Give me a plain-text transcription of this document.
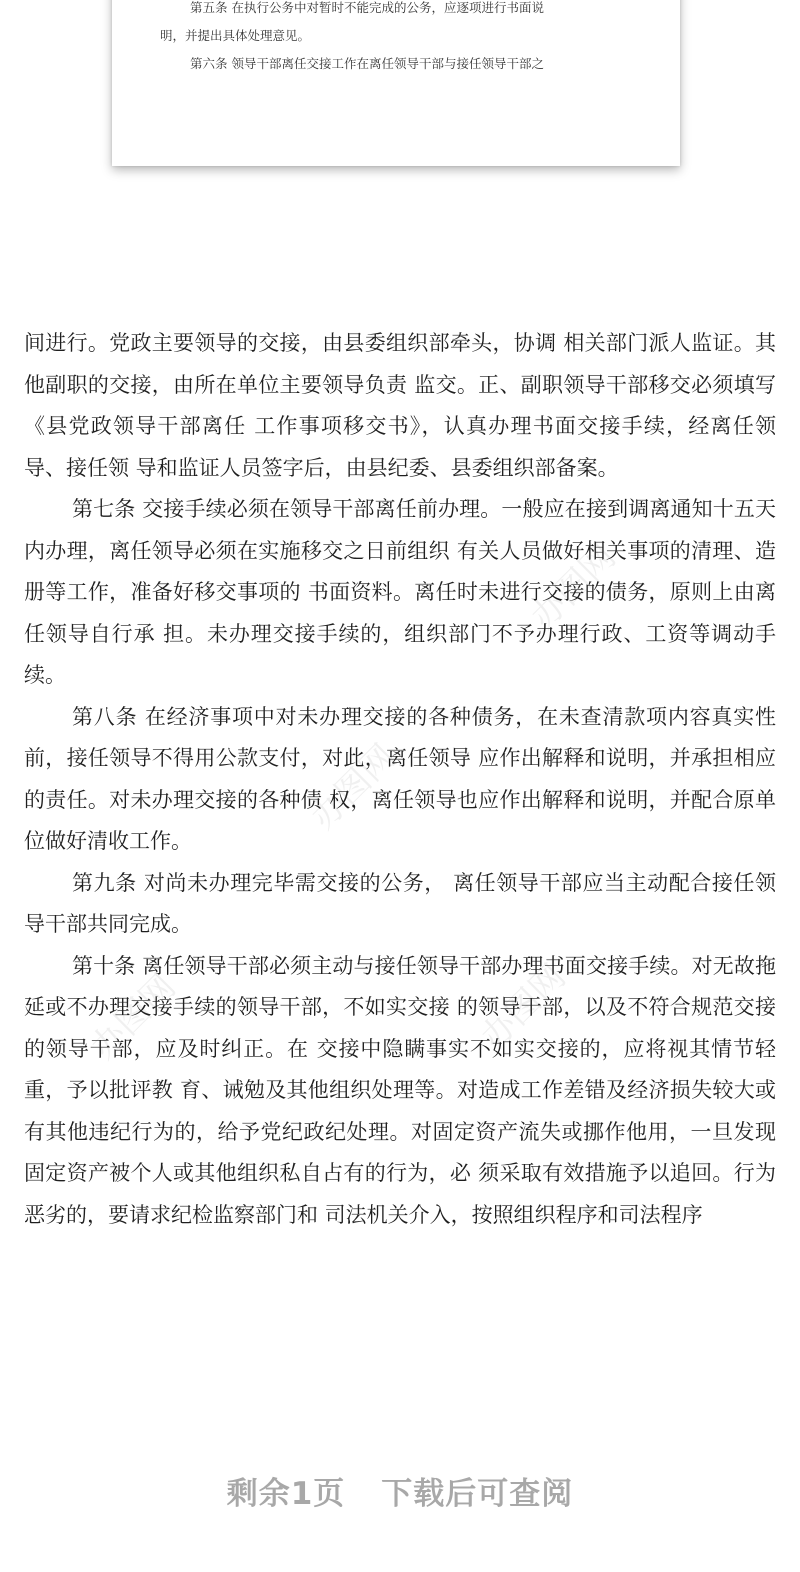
第五条 在执行公务中对暂时不能完成的公务，应逐项进行书面说

明，并提出具体处理意见。

第六条 领导干部离任交接工作在离任领导干部与接任领导干部之

办图网
办图网
办图网	办图网

间进行。党政主要领导的交接，由县委组织部牵头，协调 相关部门派人监证。其他副职的交接，由所在单位主要领导负责 监交。正、副职领导干部移交必须填写《县党政领导干部离任 工作事项移交书》，认真办理书面交接手续，经离任领导、接任领 导和监证人员签字后，由县纪委、县委组织部备案。

第七条 交接手续必须在领导干部离任前办理。一般应在接到调离通知十五天内办理，离任领导必须在实施移交之日前组织 有关人员做好相关事项的清理、造册等工作，准备好移交事项的 书面资料。离任时未进行交接的债务，原则上由离任领导自行承 担。未办理交接手续的，组织部门不予办理行政、工资等调动手 续。

第八条 在经济事项中对未办理交接的各种债务，在未查清款项内容真实性前，接任领导不得用公款支付，对此，离任领导 应作出解释和说明，并承担相应的责任。对未办理交接的各种债 权，离任领导也应作出解释和说明，并配合原单位做好清收工作。

第九条 对尚未办理完毕需交接的公务， 离任领导干部应当主动配合接任领导干部共同完成。

第十条 离任领导干部必须主动与接任领导干部办理书面交接手续。对无故拖延或不办理交接手续的领导干部，不如实交接 的领导干部，以及不符合规范交接的领导干部，应及时纠正。在 交接中隐瞒事实不如实交接的，应将视其情节轻重，予以批评教 育、诫勉及其他组织处理等。对造成工作差错及经济损失较大或 有其他违纪行为的，给予党纪政纪处理。对固定资产流失或挪作他用，一旦发现固定资产被个人或其他组织私自占有的行为，必 须采取有效措施予以追回。行为恶劣的，要请求纪检监察部门和 司法机关介入，按照组织程序和司法程序

剩余1页 下载后可查阅
